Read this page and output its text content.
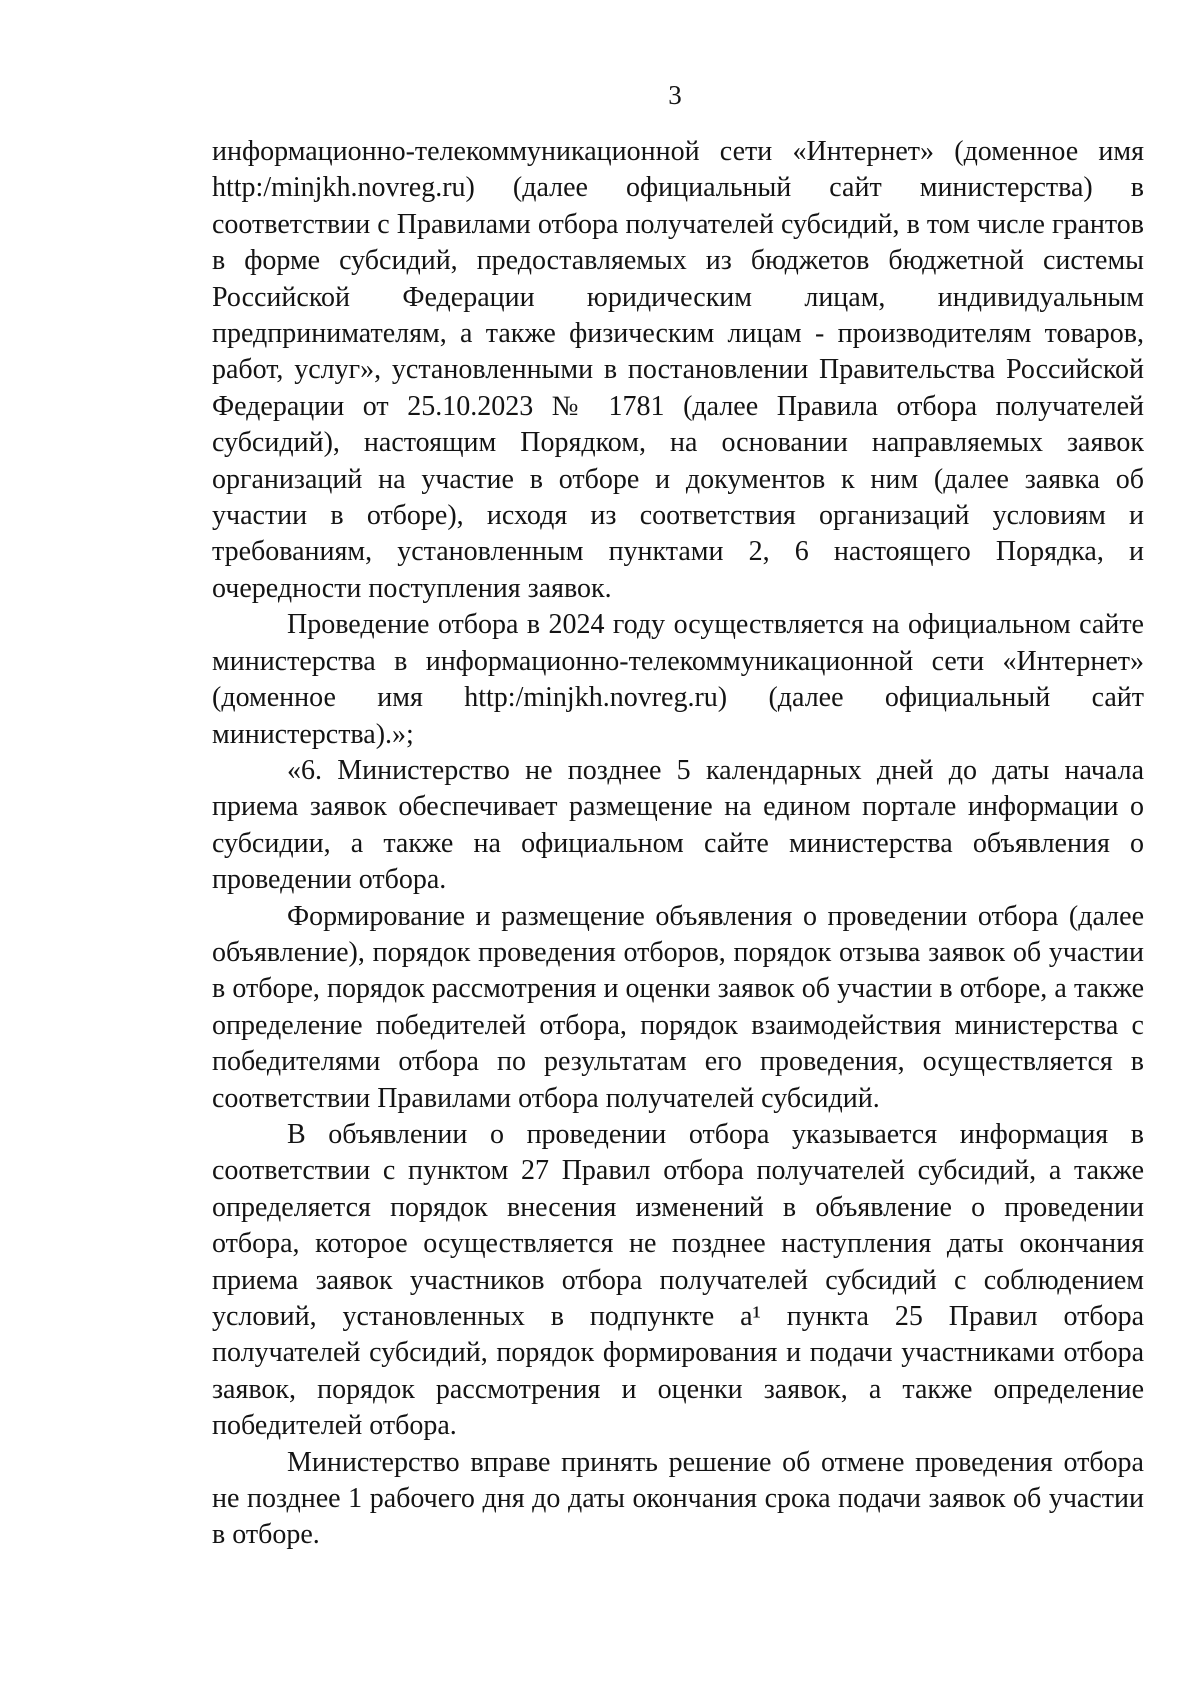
3

информационно-телекоммуникационной сети «Интернет» (доменное имя http:/minjkh.novreg.ru) (далее официальный сайт министерства) в соответствии с Правилами отбора получателей субсидий, в том числе грантов в форме субсидий, предоставляемых из бюджетов бюджетной системы Российской Федерации юридическим лицам, индивидуальным предпринимателям, а также физическим лицам - производителям товаров, работ, услуг», установленными в постановлении Правительства Российской Федерации от 25.10.2023 № 1781 (далее Правила отбора получателей субсидий), настоящим Порядком, на основании направляемых заявок организаций на участие в отборе и документов к ним (далее заявка об участии в отборе), исходя из соответствия организаций условиям и требованиям, установленным пунктами 2, 6 настоящего Порядка, и очередности поступления заявок.

Проведение отбора в 2024 году осуществляется на официальном сайте министерства в информационно-телекоммуникационной сети «Интернет» (доменное имя http:/minjkh.novreg.ru) (далее официальный сайт министерства).»;

«6. Министерство не позднее 5 календарных дней до даты начала приема заявок обеспечивает размещение на едином портале информации о субсидии, а также на официальном сайте министерства объявления о проведении отбора.

Формирование и размещение объявления о проведении отбора (далее объявление), порядок проведения отборов, порядок отзыва заявок об участии в отборе, порядок рассмотрения и оценки заявок об участии в отборе, а также определение победителей отбора, порядок взаимодействия министерства с победителями отбора по результатам его проведения, осуществляется в соответствии Правилами отбора получателей субсидий.

В объявлении о проведении отбора указывается информация в соответствии с пунктом 27 Правил отбора получателей субсидий, а также определяется порядок внесения изменений в объявление о проведении отбора, которое осуществляется не позднее наступления даты окончания приема заявок участников отбора получателей субсидий с соблюдением условий, установленных в подпункте а¹ пункта 25 Правил отбора получателей субсидий, порядок формирования и подачи участниками отбора заявок, порядок рассмотрения и оценки заявок, а также определение победителей отбора.

Министерство вправе принять решение об отмене проведения отбора не позднее 1 рабочего дня до даты окончания срока подачи заявок об участии в отборе.
